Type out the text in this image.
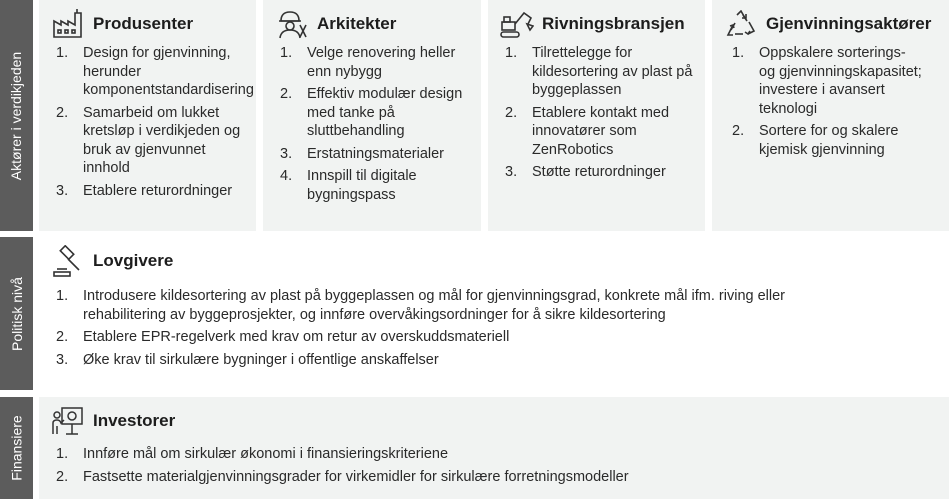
Aktører i verdikjeden
Politisk nivå
Finansiere
Produsenter
1. Design for gjenvinning, herunder komponentstandardisering
2. Samarbeid om lukket kretsløp i verdikjeden og bruk av gjenvunnet innhold
3. Etablere returordninger
Arkitekter
1. Velge renovering heller enn nybygg
2. Effektiv modulær design med tanke på sluttbehandling
3. Erstatningsmaterialer
4. Innspill til digitale bygningspass
Rivningsbransjen
1. Tilrettelegge for kildesortering av plast på byggeplassen
2. Etablere kontakt med innovatører som ZenRobotics
3. Støtte returordninger
Gjenvinningsaktører
1. Oppskalere sorterings- og gjenvinningskapasitet; investere i avansert teknologi
2. Sortere for og skalere kjemisk gjenvinning
Lovgivere
1. Introdusere kildesortering av plast på byggeplassen og mål for gjenvinningsgrad, konkrete mål ifm. riving eller rehabilitering av byggeprosjekter, og innføre overvåkingsordninger for å sikre kildesortering
2. Etablere EPR-regelverk med krav om retur av overskuddsmateriell
3. Øke krav til sirkulære bygninger i offentlige anskaffelser
Investorer
1. Innføre mål om sirkulær økonomi i finansieringskriteriene
2. Fastsette materialgjenvinningsgrader for virkemidler for sirkulære forretningsmodeller
